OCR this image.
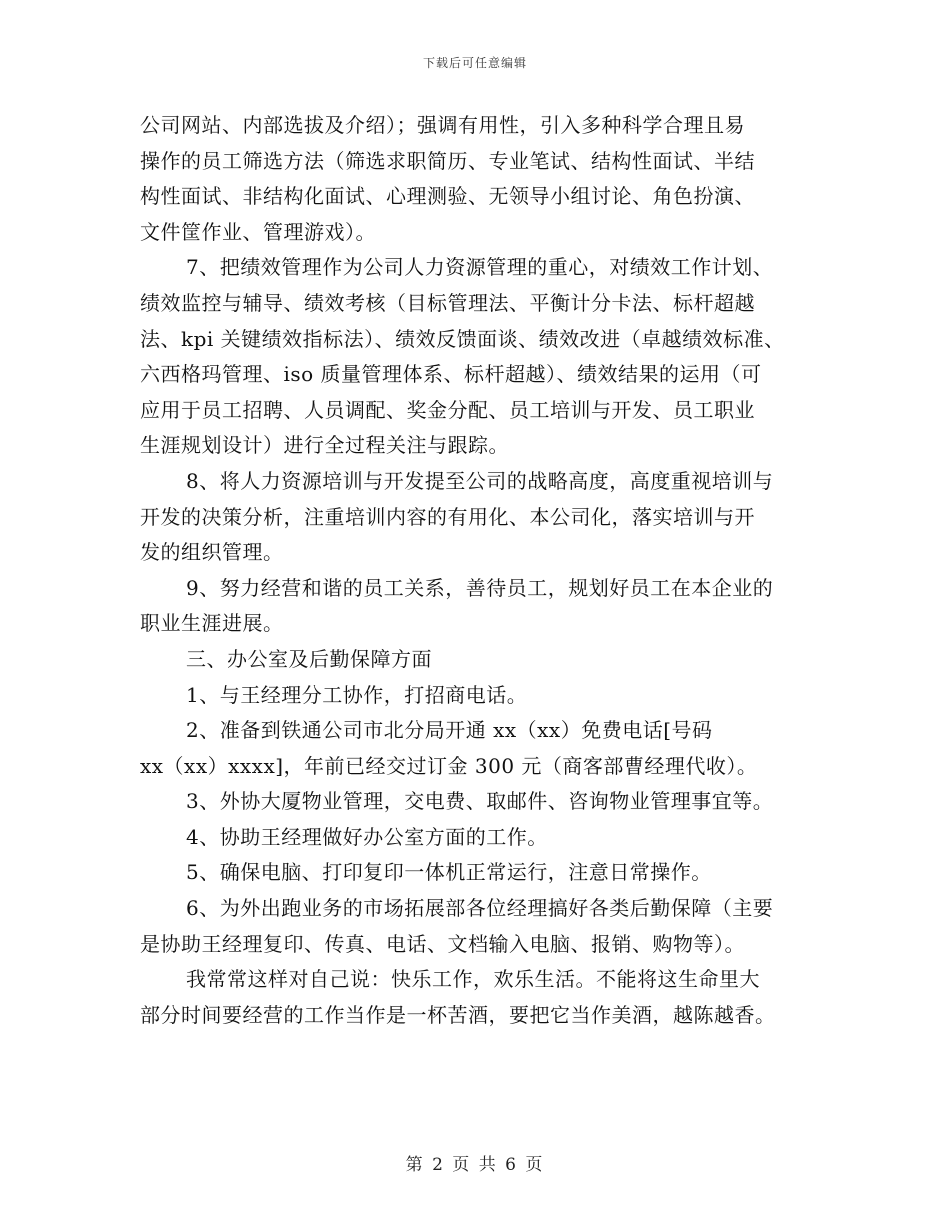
下载后可任意编辑
公司网站、内部选拔及介绍）；强调有用性，引入多种科学合理且易
操作的员工筛选方法（筛选求职简历、专业笔试、结构性面试、半结
构性面试、非结构化面试、心理测验、无领导小组讨论、角色扮演、
文件筐作业、管理游戏）。
7、把绩效管理作为公司人力资源管理的重心，对绩效工作计划、
绩效监控与辅导、绩效考核（目标管理法、平衡计分卡法、标杆超越
法、kpi 关键绩效指标法）、绩效反馈面谈、绩效改进（卓越绩效标准、
六西格玛管理、iso 质量管理体系、标杆超越）、绩效结果的运用（可
应用于员工招聘、人员调配、奖金分配、员工培训与开发、员工职业
生涯规划设计）进行全过程关注与跟踪。
8、将人力资源培训与开发提至公司的战略高度，高度重视培训与
开发的决策分析，注重培训内容的有用化、本公司化，落实培训与开
发的组织管理。
9、努力经营和谐的员工关系，善待员工，规划好员工在本企业的
职业生涯进展。
三、办公室及后勤保障方面
1、与王经理分工协作，打招商电话。
2、准备到铁通公司市北分局开通 xx（xx）免费电话[号码
xx（xx）xxxx]，年前已经交过订金 300 元（商客部曹经理代收）。
3、外协大厦物业管理，交电费、取邮件、咨询物业管理事宜等。
4、协助王经理做好办公室方面的工作。
5、确保电脑、打印复印一体机正常运行，注意日常操作。
6、为外出跑业务的市场拓展部各位经理搞好各类后勤保障（主要
是协助王经理复印、传真、电话、文档输入电脑、报销、购物等）。
我常常这样对自己说：快乐工作，欢乐生活。不能将这生命里大
部分时间要经营的工作当作是一杯苦酒，要把它当作美酒，越陈越香。
第 2 页 共 6 页
